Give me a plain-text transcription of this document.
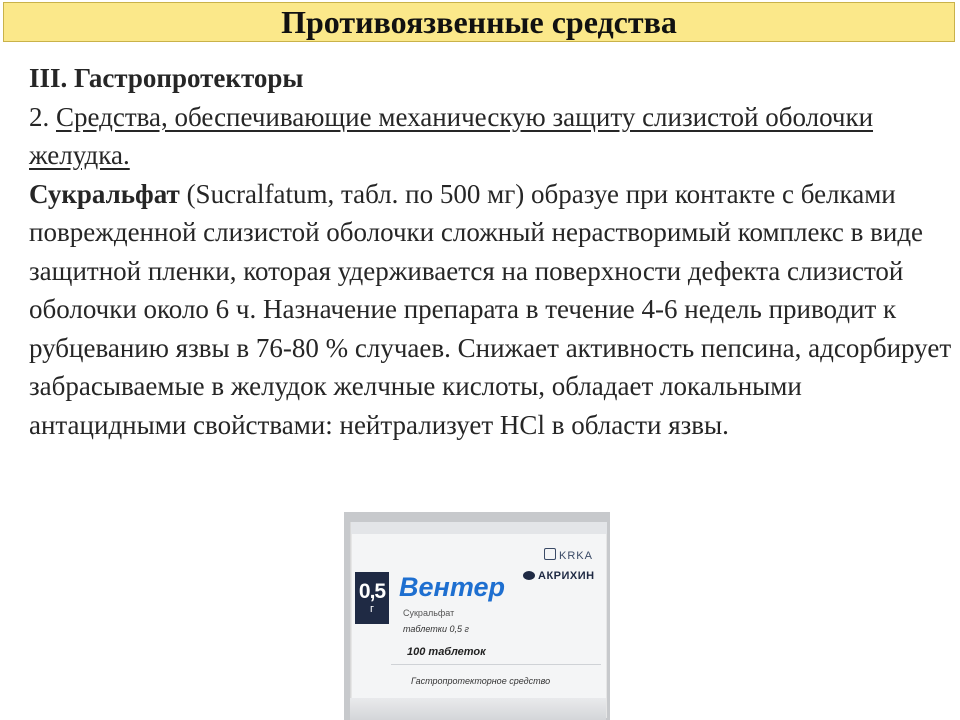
Противоязвенные средства

III. Гастропротекторы

2. Средства, обеспечивающие механическую защиту слизистой оболочки желудка.

Сукральфат (Sucralfatum, табл. по 500 мг) образуе при контакте с белками поврежденной слизистой оболочки сложный нерастворимый комплекс в виде защитной пленки, которая удерживается на поверхности дефекта слизистой оболочки около 6 ч. Назначение препарата в течение 4-6 недель приводит к рубцеванию язвы в 76-80 % случаев. Снижает активность пепсина, адсорбирует забрасываемые в желудок желчные кислоты, обладает локальными антацидными свойствами: нейтрализует HCl в области язвы.

KRKA
АКРИХИН
0,5
г
Вентер
Сукральфат
таблетки 0,5 г
100 таблеток
Гастропротекторное средство
